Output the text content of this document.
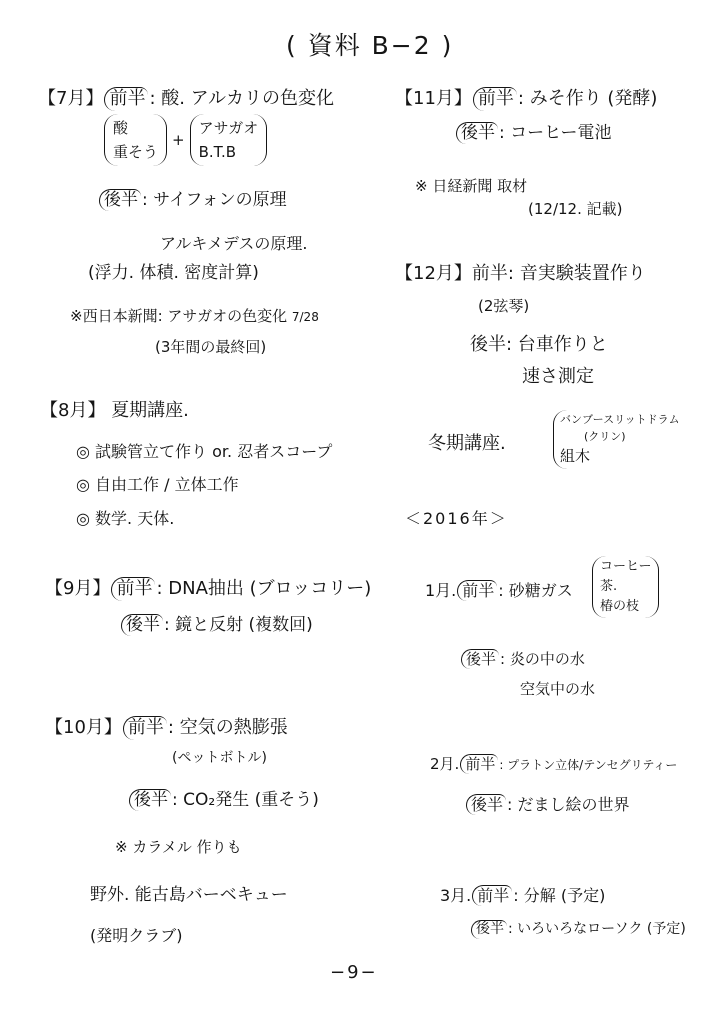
( 資料 B−2 )
【7月】 前半 : 酸. アルカリの色変化
酸
重そう
+
アサガオ
B.T.B
後半 : サイフォンの原理
アルキメデスの原理.
(浮力. 体積. 密度計算)
※西日本新聞: アサガオの色変化 7/28
(3年間の最終回)
【8月】 夏期講座.
◎ 試験管立て作り or. 忍者スコープ
◎ 自由工作 / 立体工作
◎ 数学. 天体.
【9月】 前半 : DNA抽出 (ブロッコリー)
後半 : 鏡と反射 (複数回)
【10月】 前半 : 空気の熱膨張
(ペットボトル)
後半 : CO₂発生 (重そう)
※ カラメル 作りも
野外. 能古島バーベキュー
(発明クラブ)
【11月】 前半 : みそ作り (発酵)
後半 : コーヒー電池
※ 日経新聞 取材
(12/12. 記載)
【12月】前半: 音実験装置作り
(2弦琴)
後半: 台車作りと
速さ測定
冬期講座.
バンブースリットドラム
(クリン)
組木
＜2016年＞
1月. 前半 : 砂糖ガス
コーヒー
茶.
椿の枝
後半 : 炎の中の水
空気中の水
2月. 前半 : プラトン立体/テンセグリティー
後半 : だまし絵の世界
3月. 前半 : 分解 (予定)
後半 : いろいろなローソク (予定)
−9−
